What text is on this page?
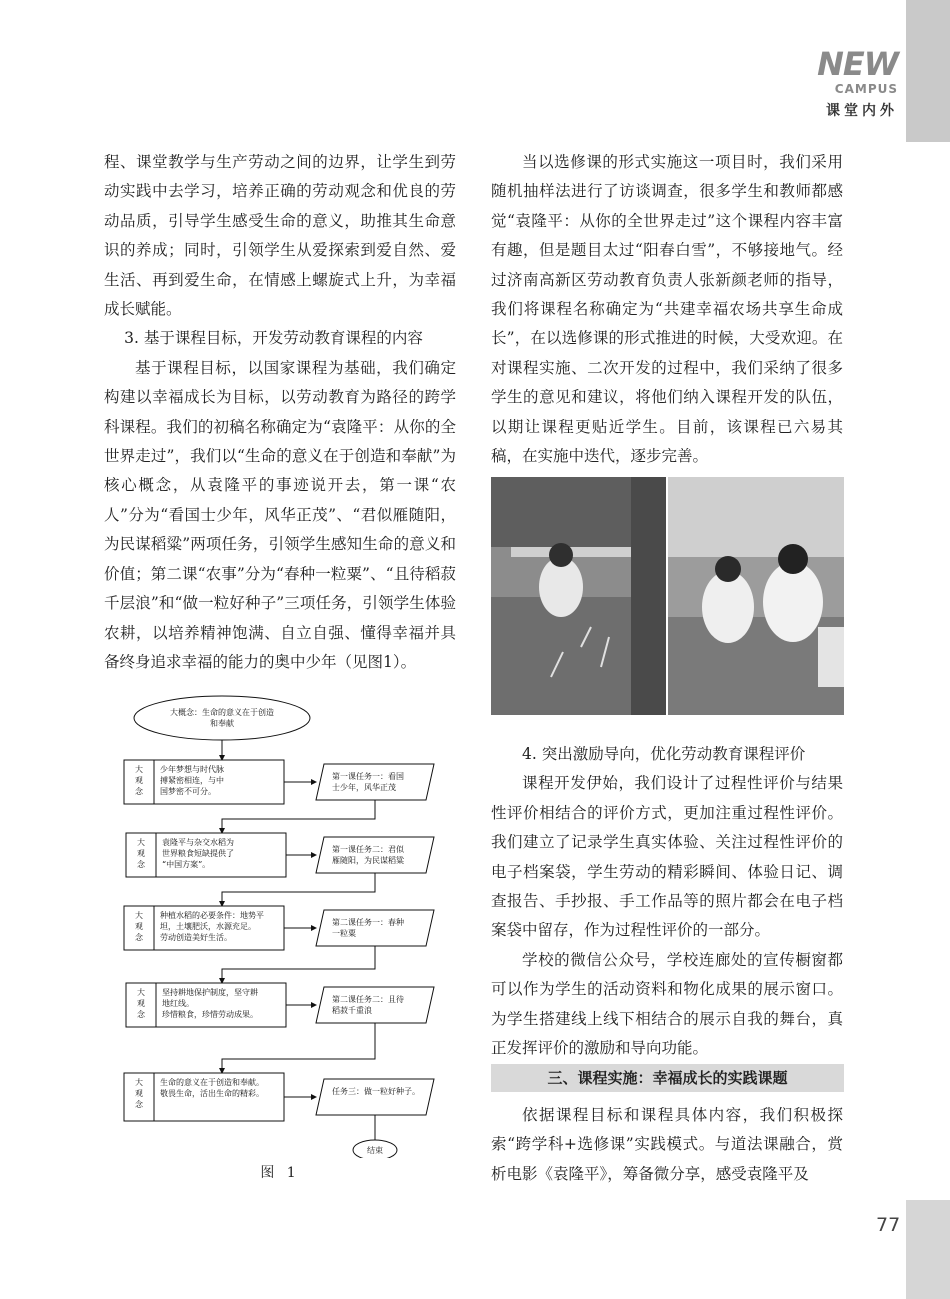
NEW
CAMPUS
课堂内外

程、课堂教学与生产劳动之间的边界，让学生到劳动实践中去学习，培养正确的劳动观念和优良的劳动品质，引导学生感受生命的意义，助推其生命意识的养成；同时，引领学生从爱探索到爱自然、爱生活、再到爱生命，在情感上螺旋式上升，为幸福成长赋能。

3. 基于课程目标，开发劳动教育课程的内容

基于课程目标，以国家课程为基础，我们确定构建以幸福成长为目标，以劳动教育为路径的跨学科课程。我们的初稿名称确定为“袁隆平：从你的全世界走过”，我们以“生命的意义在于创造和奉献”为核心概念，从袁隆平的事迹说开去，第一课“农人”分为“看国士少年，风华正茂”、“君似雁随阳，为民谋稻粱”两项任务，引领学生感知生命的意义和价值；第二课“农事”分为“春种一粒粟”、“且待稻菽千层浪”和“做一粒好种子”三项任务，引领学生体验农耕，以培养精神饱满、自立自强、懂得幸福并具备终身追求幸福的能力的奥中少年（见图1）。

大概念：生命的意义在于创造
和奉献
大
观
念
少年梦想与时代脉
搏紧密相连，与中
国梦密不可分。
第一课任务一：看国
士少年，风华正茂
大
观
念
袁隆平与杂交水稻为
世界粮食短缺提供了
“中国方案”。
第一课任务二：君似
雁随阳，为民谋稻粱
大
观
念
种植水稻的必要条件：地势平
坦，土壤肥沃，水源充足。
劳动创造美好生活。
第二课任务一：春种
一粒粟
大
观
念
坚持耕地保护制度，坚守耕
地红线。
珍惜粮食，珍惜劳动成果。
第二课任务二：且待
稻菽千重浪
大
观
念
生命的意义在于创造和奉献。
敬畏生命，活出生命的精彩。	任务三：做一粒好种子。
结束
图 1

当以选修课的形式实施这一项目时，我们采用随机抽样法进行了访谈调查，很多学生和教师都感觉“袁隆平：从你的全世界走过”这个课程内容丰富有趣，但是题目太过“阳春白雪”，不够接地气。经过济南高新区劳动教育负责人张新颜老师的指导，我们将课程名称确定为“共建幸福农场共享生命成长”，在以选修课的形式推进的时候，大受欢迎。在对课程实施、二次开发的过程中，我们采纳了很多学生的意见和建议，将他们纳入课程开发的队伍，以期让课程更贴近学生。目前，该课程已六易其稿，在实施中迭代，逐步完善。

4. 突出激励导向，优化劳动教育课程评价

课程开发伊始，我们设计了过程性评价与结果性评价相结合的评价方式，更加注重过程性评价。我们建立了记录学生真实体验、关注过程性评价的电子档案袋，学生劳动的精彩瞬间、体验日记、调查报告、手抄报、手工作品等的照片都会在电子档案袋中留存，作为过程性评价的一部分。

学校的微信公众号，学校连廊处的宣传橱窗都可以作为学生的活动资料和物化成果的展示窗口。为学生搭建线上线下相结合的展示自我的舞台，真正发挥评价的激励和导向功能。

三、课程实施：幸福成长的实践课题

依据课程目标和课程具体内容，我们积极探索“跨学科+选修课”实践模式。与道法课融合，赏析电影《袁隆平》，筹备微分享，感受袁隆平及

77
